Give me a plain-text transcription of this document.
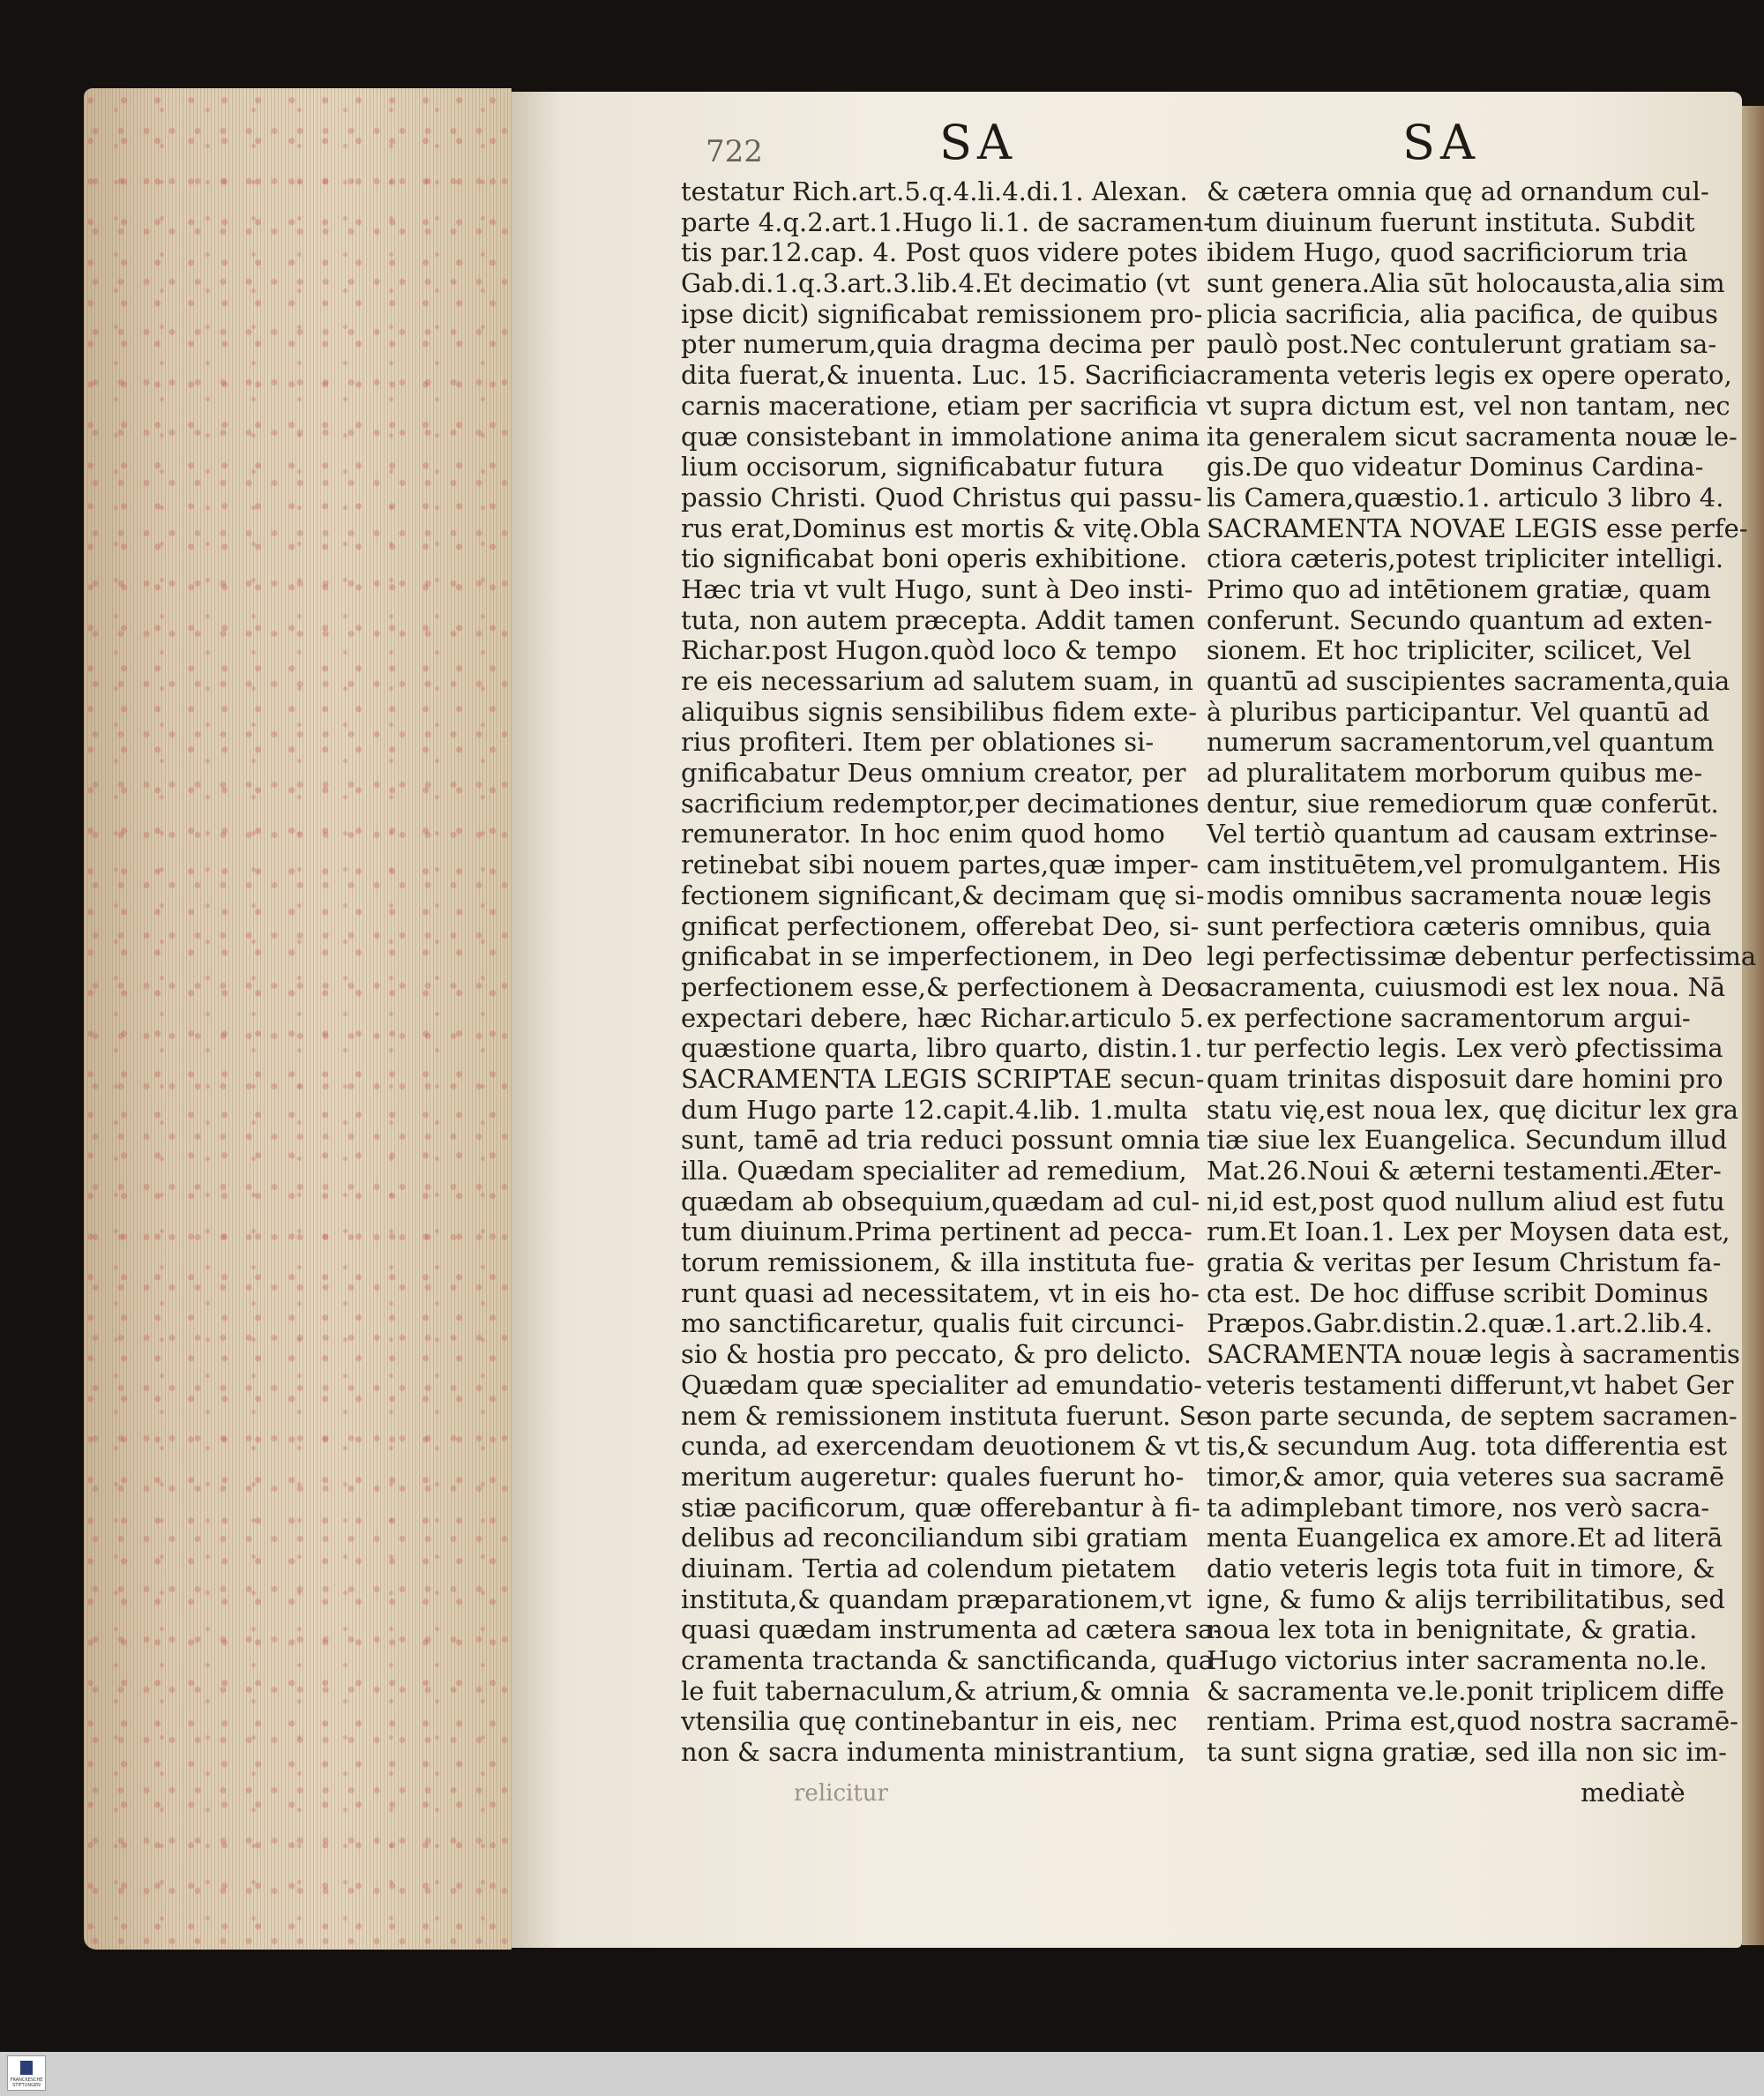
722	SA	SA
testatur Rich.art.5.q.4.li.4.di.1. Alexan.
parte 4.q.2.art.1.Hugo li.1. de sacramen-
tis par.12.cap. 4. Post quos videre potes
Gab.di.1.q.3.art.3.lib.4.Et decimatio (vt
ipse dicit) significabat remissionem pro-
pter numerum,quia dragma decima per
dita fuerat,& inuenta. Luc. 15. Sacrificia
carnis maceratione, etiam per sacrificia
quæ consistebant in immolatione anima
lium occisorum, significabatur futura
passio Christi. Quod Christus qui passu-
rus erat,Dominus est mortis & vitę.Obla
tio significabat boni operis exhibitione.
Hæc tria vt vult Hugo, sunt à Deo insti-
tuta, non autem præcepta. Addit tamen
Richar.post Hugon.quòd loco & tempo
re eis necessarium ad salutem suam, in
aliquibus signis sensibilibus fidem exte-
rius profiteri. Item per oblationes si-
gnificabatur Deus omnium creator, per
sacrificium redemptor,per decimationes
remunerator. In hoc enim quod homo
retinebat sibi nouem partes,quæ imper-
fectionem significant,& decimam quę si-
gnificat perfectionem, offerebat Deo, si-
gnificabat in se imperfectionem, in Deo
perfectionem esse,& perfectionem à Deo
expectari debere, hæc Richar.articulo 5.
quæstione quarta, libro quarto, distin.1.
SACRAMENTA LEGIS SCRIPTAE secun-
dum Hugo parte 12.capit.4.lib. 1.multa
sunt, tamē ad tria reduci possunt omnia
illa. Quædam specialiter ad remedium,
quædam ab obsequium,quædam ad cul-
tum diuinum.Prima pertinent ad pecca-
torum remissionem, & illa instituta fue-
runt quasi ad necessitatem, vt in eis ho-
mo sanctificaretur, qualis fuit circunci-
sio & hostia pro peccato, & pro delicto.
Quædam quæ specialiter ad emundatio-
nem & remissionem instituta fuerunt. Se
cunda, ad exercendam deuotionem & vt
meritum augeretur: quales fuerunt ho-
stiæ pacificorum, quæ offerebantur à fi-
delibus ad reconciliandum sibi gratiam
diuinam. Tertia ad colendum pietatem
instituta,& quandam præparationem,vt
quasi quædam instrumenta ad cætera sa-
cramenta tractanda & sanctificanda, qua
le fuit tabernaculum,& atrium,& omnia
vtensilia quę continebantur in eis, nec
non & sacra indumenta ministrantium,
& cætera omnia quę ad ornandum cul-
tum diuinum fuerunt instituta. Subdit
ibidem Hugo, quod sacrificiorum tria
sunt genera.Alia sūt holocausta,alia sim
plicia sacrificia, alia pacifica, de quibus
paulò post.Nec contulerunt gratiam sa-
cramenta veteris legis ex opere operato,
vt supra dictum est, vel non tantam, nec
ita generalem sicut sacramenta nouæ le-
gis.De quo videatur Dominus Cardina-
lis Camera,quæstio.1. articulo 3 libro 4.
SACRAMENTA NOVAE LEGIS esse perfe-
ctiora cæteris,potest tripliciter intelligi.
Primo quo ad intētionem gratiæ, quam
conferunt. Secundo quantum ad exten-
sionem. Et hoc tripliciter, scilicet, Vel
quantū ad suscipientes sacramenta,quia
à pluribus participantur. Vel quantū ad
numerum sacramentorum,vel quantum
ad pluralitatem morborum quibus me-
dentur, siue remediorum quæ conferūt.
Vel tertiò quantum ad causam extrinse-
cam instituētem,vel promulgantem. His
modis omnibus sacramenta nouæ legis
sunt perfectiora cæteris omnibus, quia
legi perfectissimæ debentur perfectissima
sacramenta, cuiusmodi est lex noua. Nā
ex perfectione sacramentorum argui-
tur perfectio legis. Lex verò ꝑfectissima
quam trinitas disposuit dare homini pro
statu vię,est noua lex, quę dicitur lex gra
tiæ siue lex Euangelica. Secundum illud
Mat.26.Noui & æterni testamenti.Æter-
ni,id est,post quod nullum aliud est futu
rum.Et Ioan.1. Lex per Moysen data est,
gratia & veritas per Iesum Christum fa-
cta est. De hoc diffuse scribit Dominus
Præpos.Gabr.distin.2.quæ.1.art.2.lib.4.
SACRAMENTA nouæ legis à sacramentis
veteris testamenti differunt,vt habet Ger
son parte secunda, de septem sacramen-
tis,& secundum Aug. tota differentia est
timor,& amor, quia veteres sua sacramē
ta adimplebant timore, nos verò sacra-
menta Euangelica ex amore.Et ad literā
datio veteris legis tota fuit in timore, &
igne, & fumo & alijs terribilitatibus, sed
noua lex tota in benignitate, & gratia.
Hugo victorius inter sacramenta no.le.
& sacramenta ve.le.ponit triplicem diffe
rentiam. Prima est,quod nostra sacramē-
ta sunt signa gratiæ, sed illa non sic im-
relicitur	mediatè
FRANCKESCHE STIFTUNGEN
